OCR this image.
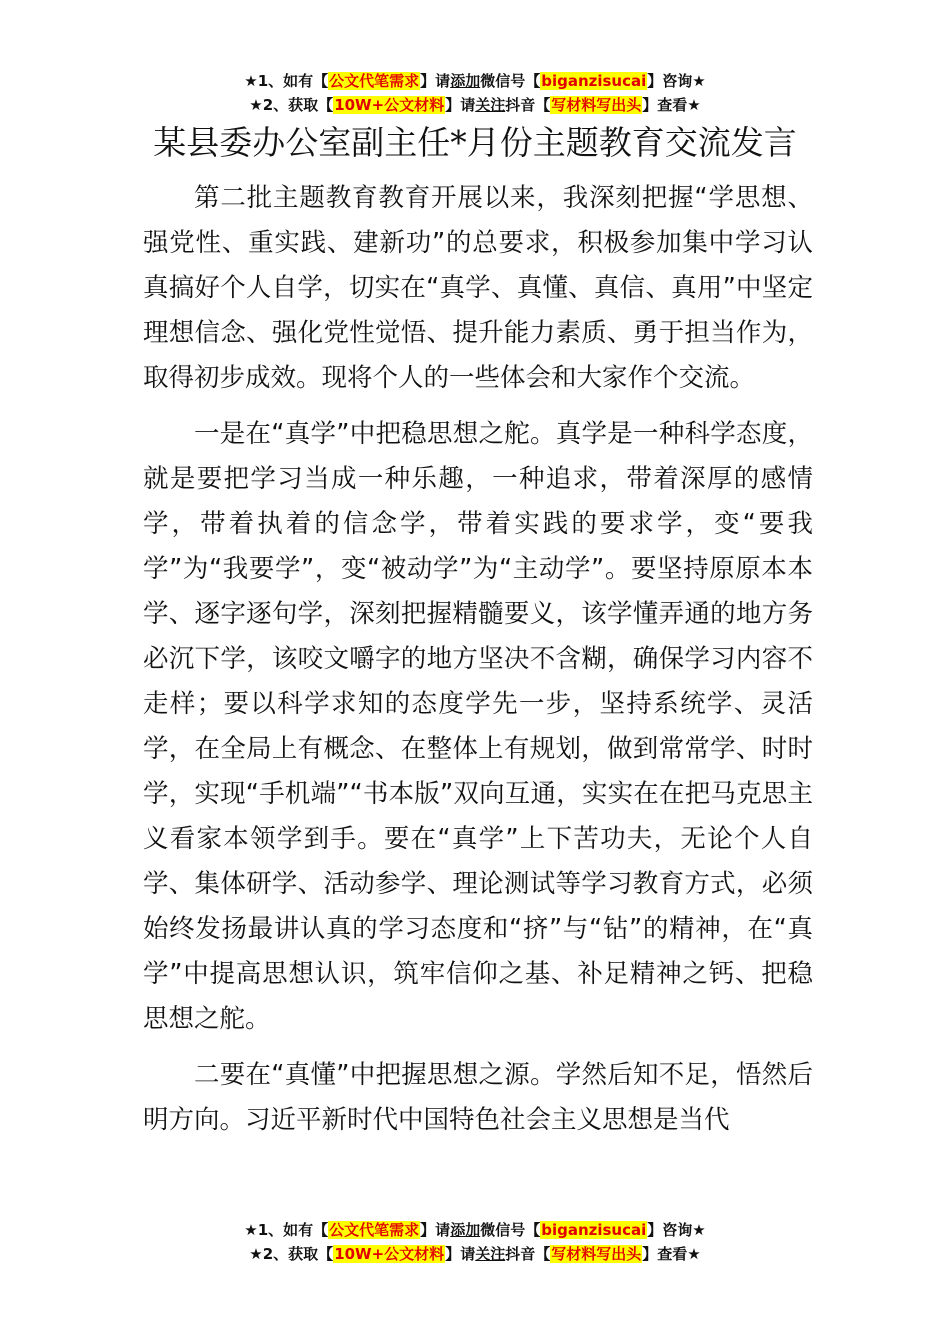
★1、如有【公文代笔需求】请添加微信号【biganzisucai】咨询★
★2、获取【10W+公文材料】请关注抖音【写材料写出头】查看★
某县委办公室副主任*月份主题教育交流发言

第二批主题教育教育开展以来，我深刻把握“学思想、强党性、重实践、建新功”的总要求，积极参加集中学习认真搞好个人自学，切实在“真学、真懂、真信、真用”中坚定理想信念、强化党性觉悟、提升能力素质、勇于担当作为，取得初步成效。现将个人的一些体会和大家作个交流。

一是在“真学”中把稳思想之舵。真学是一种科学态度，就是要把学习当成一种乐趣，一种追求，带着深厚的感情学，带着执着的信念学，带着实践的要求学，变“要我学”为“我要学”，变“被动学”为“主动学”。要坚持原原本本学、逐字逐句学，深刻把握精髓要义，该学懂弄通的地方务必沉下学，该咬文嚼字的地方坚决不含糊，确保学习内容不走样；要以科学求知的态度学先一步，坚持系统学、灵活学，在全局上有概念、在整体上有规划，做到常常学、时时学，实现“手机端”“书本版”双向互通，实实在在把马克思主义看家本领学到手。要在“真学”上下苦功夫，无论个人自学、集体研学、活动参学、理论测试等学习教育方式，必须始终发扬最讲认真的学习态度和“挤”与“钻”的精神，在“真学”中提高思想认识，筑牢信仰之基、补足精神之钙、把稳思想之舵。

二要在“真懂”中把握思想之源。学然后知不足，悟然后明方向。习近平新时代中国特色社会主义思想是当代

★1、如有【公文代笔需求】请添加微信号【biganzisucai】咨询★
★2、获取【10W+公文材料】请关注抖音【写材料写出头】查看★
